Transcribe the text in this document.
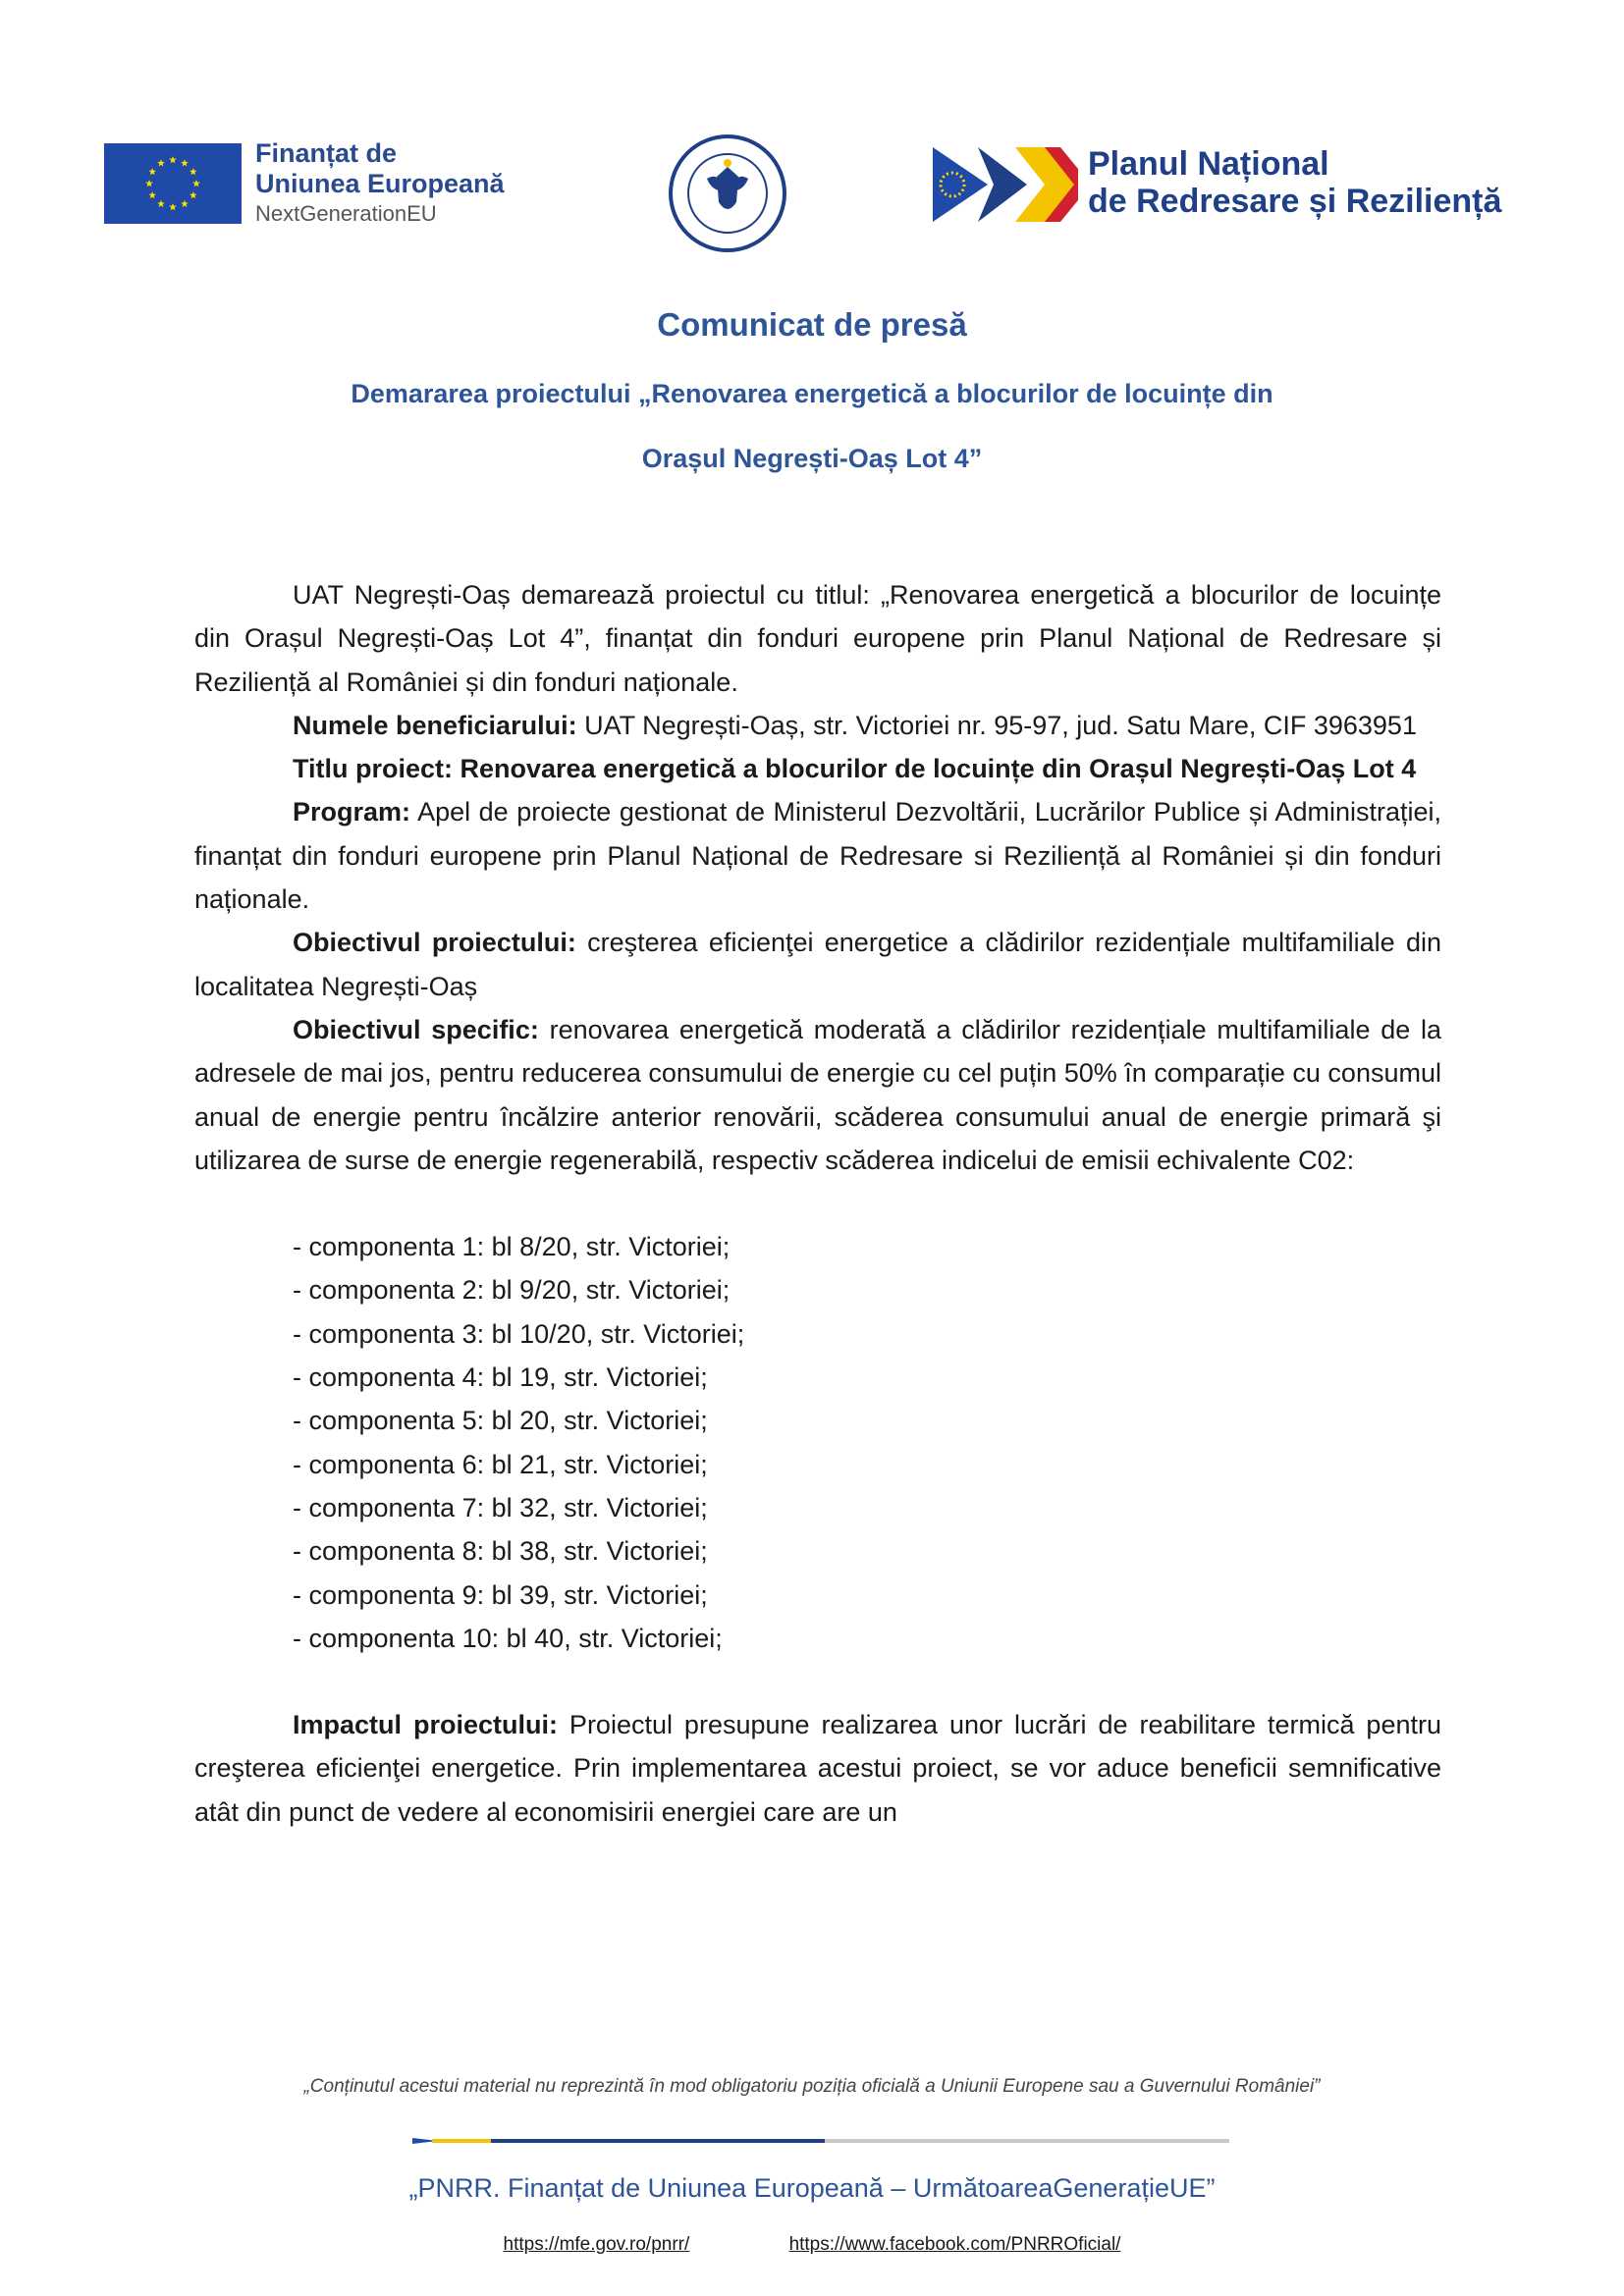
Finanțat de
Uniunea Europeană
NextGenerationEU
Planul Național
de Redresare și Reziliență
Comunicat de presă
Demararea proiectului „Renovarea energetică a blocurilor de locuințe din
Orașul Negrești-Oaș Lot 4”

UAT Negrești-Oaș demarează proiectul cu titlul: „Renovarea energetică a blocurilor de locuințe din Orașul Negrești-Oaș Lot 4”, finanțat din fonduri europene prin Planul Național de Redresare și Reziliență al României și din fonduri naționale.

Numele beneficiarului: UAT Negrești-Oaș, str. Victoriei nr. 95-97, jud. Satu Mare, CIF 3963951

Titlu proiect: Renovarea energetică a blocurilor de locuințe din Orașul Negrești-Oaș Lot 4

Program: Apel de proiecte gestionat de Ministerul Dezvoltării, Lucrărilor Publice și Administrației, finanțat din fonduri europene prin Planul Național de Redresare si Reziliență al României și din fonduri naționale.

Obiectivul proiectului: creşterea eficienţei energetice a clădirilor rezidențiale multifamiliale din localitatea Negrești-Oaș

Obiectivul specific: renovarea energetică moderată a clădirilor rezidențiale multifamiliale de la adresele de mai jos, pentru reducerea consumului de energie cu cel puțin 50% în comparație cu consumul anual de energie pentru încălzire anterior renovării, scăderea consumului anual de energie primară şi utilizarea de surse de energie regenerabilă, respectiv scăderea indicelui de emisii echivalente C02:

- componenta 1: bl 8/20, str. Victoriei;
- componenta 2: bl 9/20, str. Victoriei;
- componenta 3: bl 10/20, str. Victoriei;
- componenta 4: bl 19, str. Victoriei;
- componenta 5: bl 20, str. Victoriei;
- componenta 6: bl 21, str. Victoriei;
- componenta 7: bl 32, str. Victoriei;
- componenta 8: bl 38, str. Victoriei;
- componenta 9: bl 39, str. Victoriei;
- componenta 10: bl 40, str. Victoriei;

Impactul proiectului: Proiectul presupune realizarea unor lucrări de reabilitare termică pentru creşterea eficienţei energetice. Prin implementarea acestui proiect, se vor aduce beneficii semnificative atât din punct de vedere al economisirii energiei care are un

„Conținutul acestui material nu reprezintă în mod obligatoriu poziția oficială a Uniunii Europene sau a Guvernului României”
„PNRR. Finanțat de Uniunea Europeană – UrmătoareaGenerațieUE”
https://mfe.gov.ro/pnrr/	https://www.facebook.com/PNRROficial/
